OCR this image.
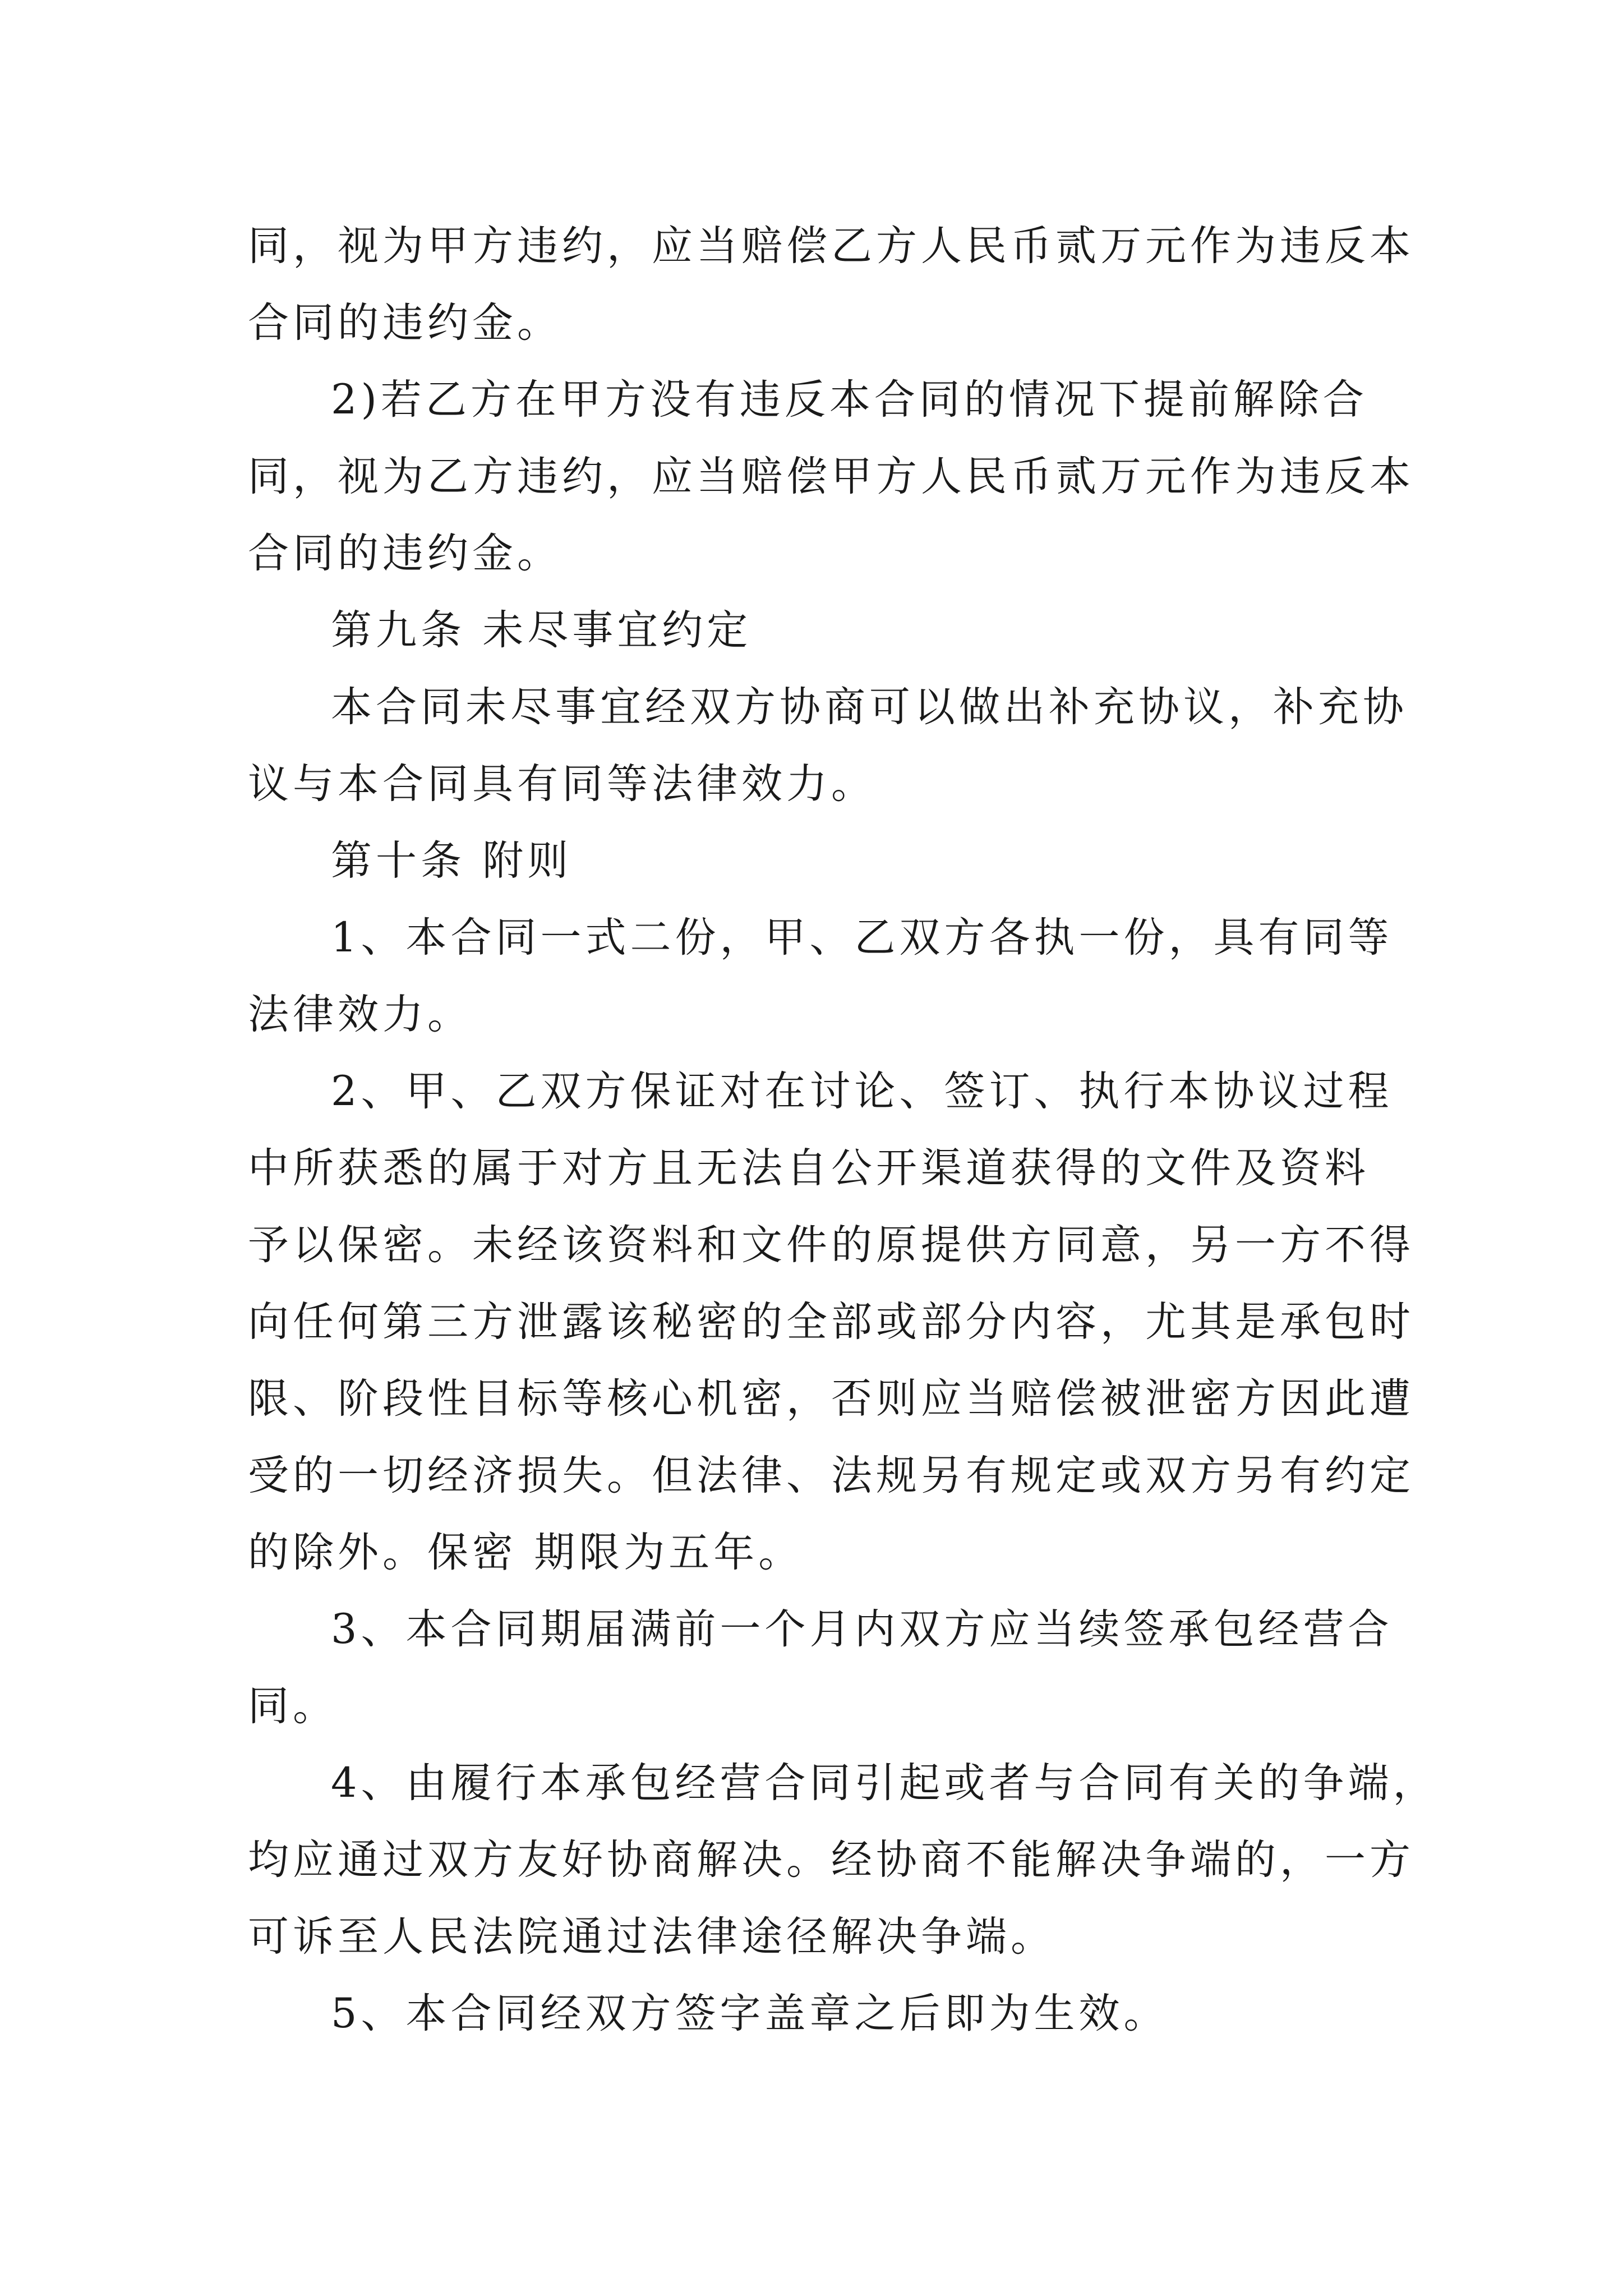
同，视为甲方违约，应当赔偿乙方人民币贰万元作为违反本

合同的违约金。

2)若乙方在甲方没有违反本合同的情况下提前解除合

同，视为乙方违约，应当赔偿甲方人民币贰万元作为违反本

合同的违约金。

第九条 未尽事宜约定

本合同未尽事宜经双方协商可以做出补充协议，补充协

议与本合同具有同等法律效力。

第十条 附则

1、本合同一式二份，甲、乙双方各执一份，具有同等

法律效力。

2、甲、乙双方保证对在讨论、签订、执行本协议过程

中所获悉的属于对方且无法自公开渠道获得的文件及资料

予以保密。未经该资料和文件的原提供方同意，另一方不得

向任何第三方泄露该秘密的全部或部分内容，尤其是承包时

限、阶段性目标等核心机密，否则应当赔偿被泄密方因此遭

受的一切经济损失。但法律、法规另有规定或双方另有约定

的除外。保密 期限为五年。

3、本合同期届满前一个月内双方应当续签承包经营合

同。

4、由履行本承包经营合同引起或者与合同有关的争端，

均应通过双方友好协商解决。经协商不能解决争端的，一方

可诉至人民法院通过法律途径解决争端。

5、本合同经双方签字盖章之后即为生效。
